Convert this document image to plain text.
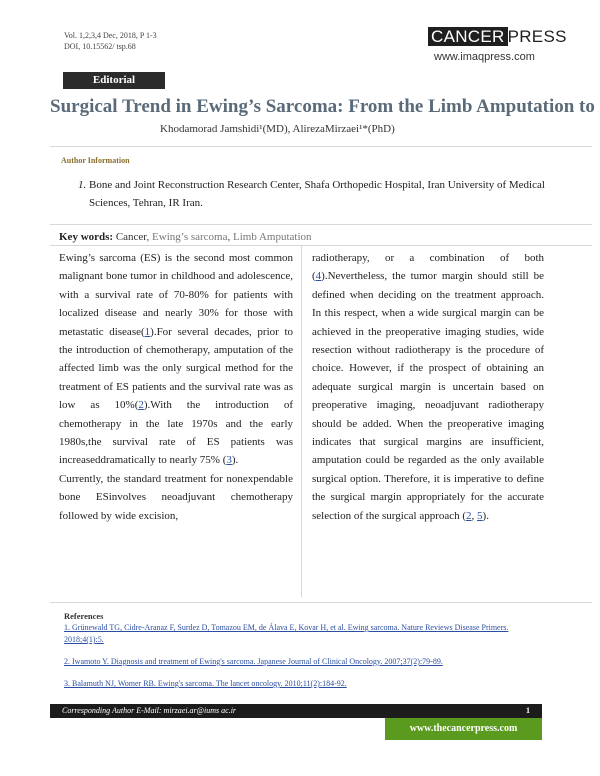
Vol. 1,2,3,4 Dec, 2018, P 1-3
DOI, 10.15562/ tsp.68
CANCER PRESS
www.imaqpress.com
Editorial
Surgical Trend in Ewing’s Sarcoma: From the Limb Amputation to
Khodamorad Jamshidi¹(MD), AlirezaMirzaei¹*(PhD)
Author Information
1. Bone and Joint Reconstruction Research Center, Shafa Orthopedic Hospital, Iran University of Medical Sciences, Tehran, IR Iran.
Key words: Cancer, Ewing’s sarcoma, Limb Amputation

Ewing’s sarcoma (ES) is the second most common malignant bone tumor in childhood and adolescence, with a survival rate of 70-80% for patients with localized disease and nearly 30% for those with metastatic disease(1).For several decades, prior to the introduction of chemotherapy, amputation of the affected limb was the only surgical method for the treatment of ES patients and the survival rate was as low as 10%(2).With the introduction of chemotherapy in the late 1970s and the early 1980s,the survival rate of ES patients was increaseddramatically to nearly 75% (3).

Currently, the standard treatment for nonexpendable bone ESinvolves neoadjuvant chemotherapy followed by wide excision,

radiotherapy, or a combination of both (4).Nevertheless, the tumor margin should still be defined when deciding on the treatment approach. In this respect, when a wide surgical margin can be achieved in the preoperative imaging studies, wide resection without radiotherapy is the procedure of choice. However, if the prospect of obtaining an adequate surgical margin is uncertain based on preoperative imaging, neoadjuvant radiotherapy should be added. When the preoperative imaging indicates that surgical margins are insufficient, amputation could be regarded as the only available surgical option. Therefore, it is imperative to define the surgical margin appropriately for the accurate selection of the surgical approach (2, 5).

References
1. Grünewald TG, Cidre-Aranaz F, Surdez D, Tomazou EM, de Álava E, Kovar H, et al. Ewing sarcoma. Nature Reviews Disease Primers. 2018;4(1):5.
2. Iwamoto Y. Diagnosis and treatment of Ewing's sarcoma. Japanese Journal of Clinical Oncology. 2007;37(2):79-89.
3. Balamuth NJ, Womer RB. Ewing's sarcoma. The lancet oncology. 2010;11(2):184-92.
Corresponding Author E-Mail: mirzaei.ar@iums ac.ir	1
www.thecancerpress.com
